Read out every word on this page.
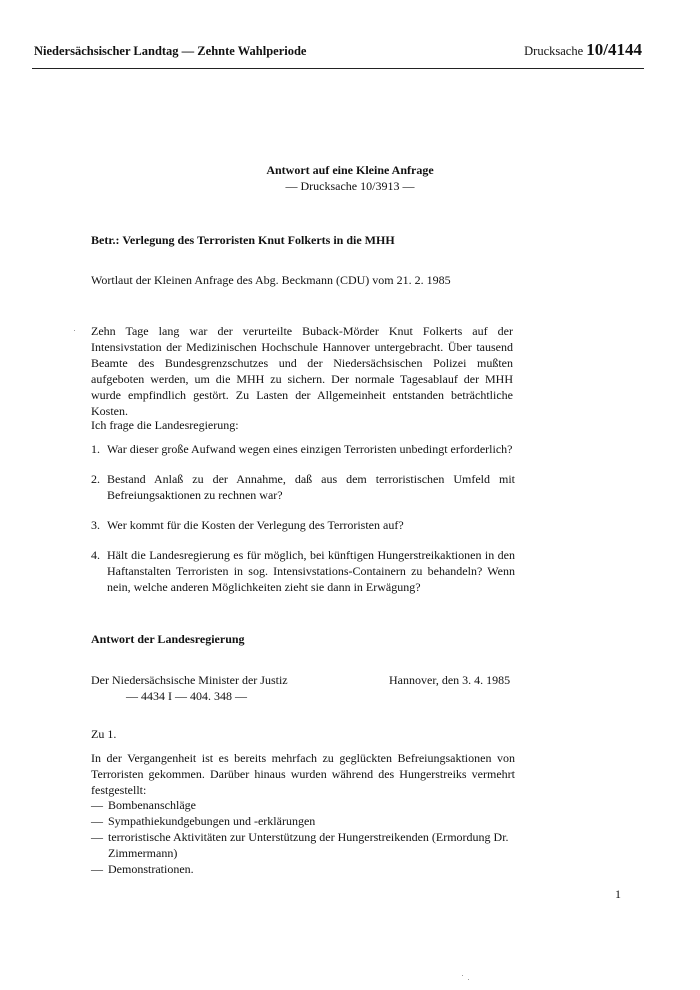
Niedersächsischer Landtag — Zehnte Wahlperiode	Drucksache 10/4144
Antwort auf eine Kleine Anfrage
— Drucksache 10/3913 —
Betr.: Verlegung des Terroristen Knut Folkerts in die MHH
Wortlaut der Kleinen Anfrage des Abg. Beckmann (CDU) vom 21. 2. 1985
Zehn Tage lang war der verurteilte Buback-Mörder Knut Folkerts auf der Intensivstation der Medizinischen Hochschule Hannover untergebracht. Über tausend Beamte des Bundesgrenzschutzes und der Niedersächsischen Polizei mußten aufgeboten werden, um die MHH zu sichern. Der normale Tagesablauf der MHH wurde empfindlich gestört. Zu Lasten der Allgemeinheit entstanden beträchtliche Kosten.
Ich frage die Landesregierung:
1. War dieser große Aufwand wegen eines einzigen Terroristen unbedingt erforderlich?
2. Bestand Anlaß zu der Annahme, daß aus dem terroristischen Umfeld mit Befreiungsaktionen zu rechnen war?
3. Wer kommt für die Kosten der Verlegung des Terroristen auf?
4. Hält die Landesregierung es für möglich, bei künftigen Hungerstreikaktionen in den Haftanstalten Terroristen in sog. Intensivstations-Containern zu behandeln? Wenn nein, welche anderen Möglichkeiten zieht sie dann in Erwägung?
Antwort der Landesregierung
Der Niedersächsische Minister der Justiz
— 4434 I — 404. 348 —
Hannover, den 3. 4. 1985
Zu 1.
In der Vergangenheit ist es bereits mehrfach zu geglückten Befreiungsaktionen von Terroristen gekommen. Darüber hinaus wurden während des Hungerstreiks vermehrt festgestellt:
— Bombenanschläge
— Sympathiekundgebungen und -erklärungen
— terroristische Aktivitäten zur Unterstützung der Hungerstreikenden (Ermordung Dr. Zimmermann)
— Demonstrationen.
1
